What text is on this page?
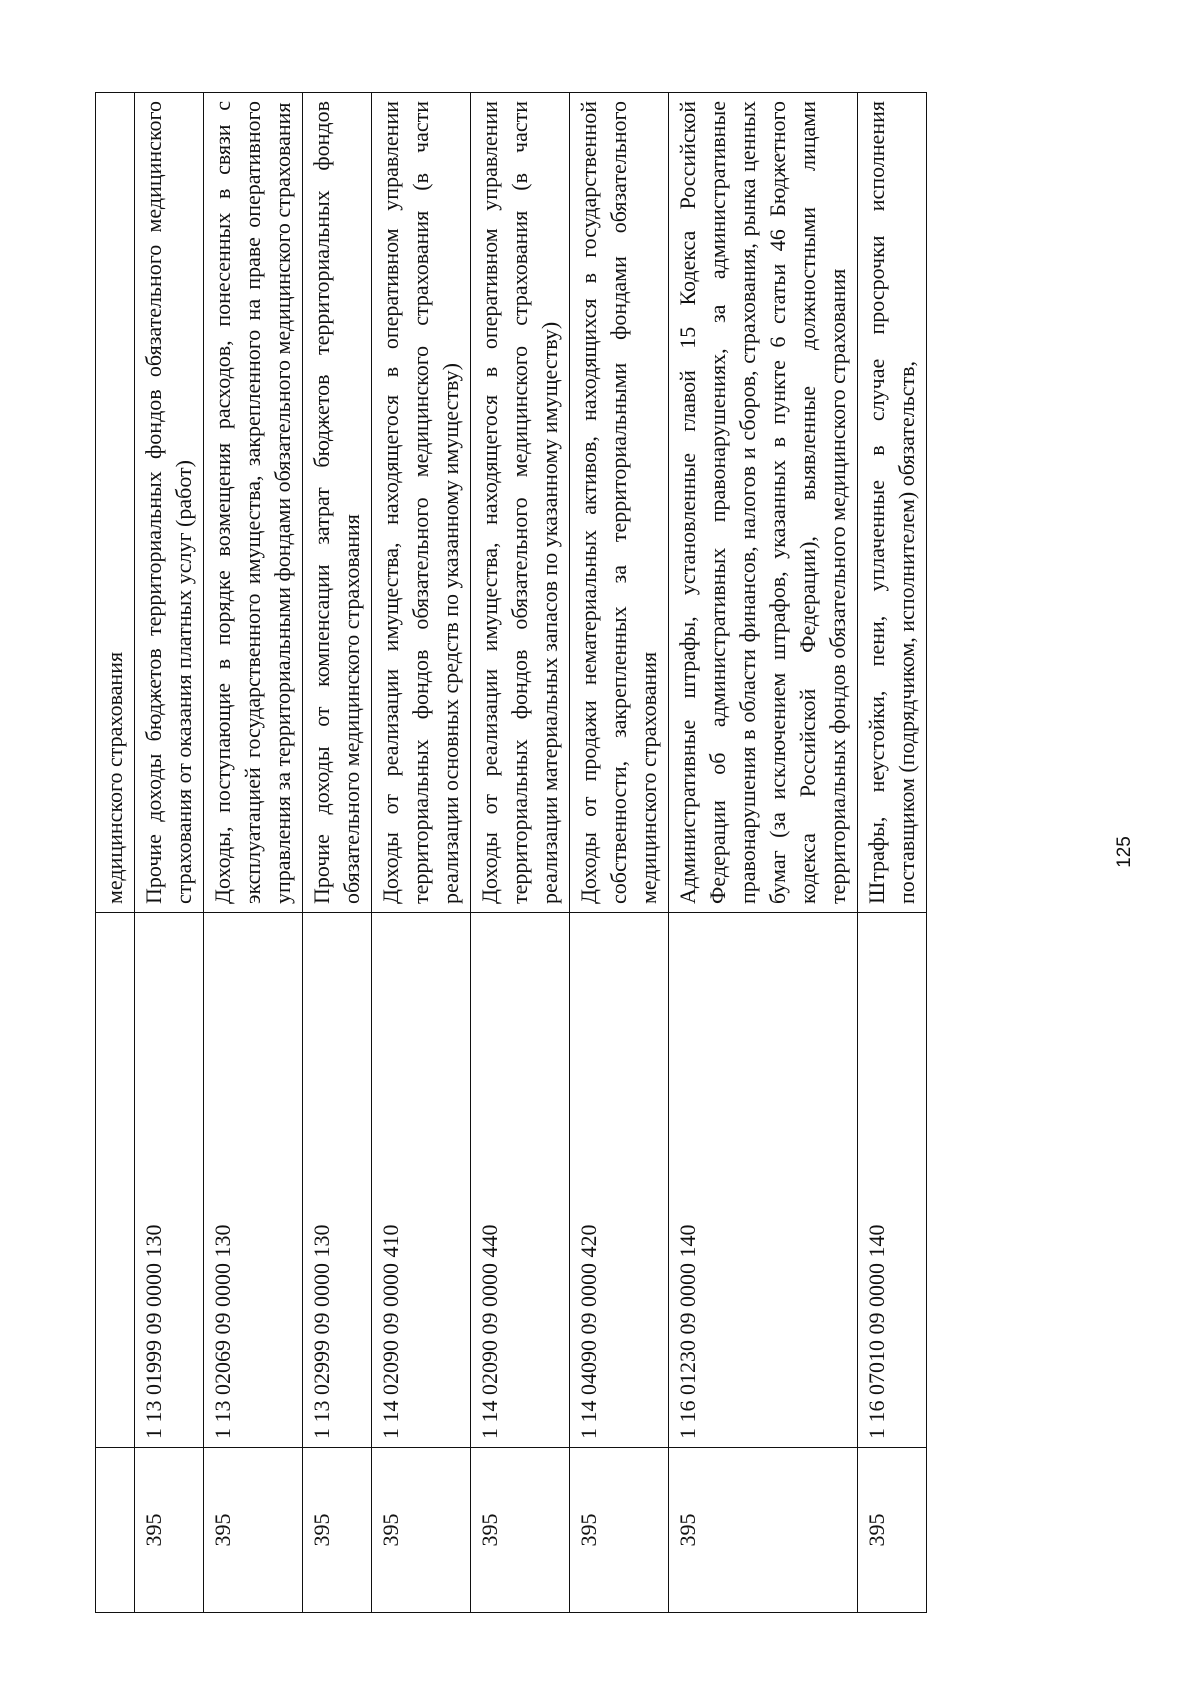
		медицинского страхования
395	1 13 01999 09 0000 130	Прочие доходы бюджетов территориальных фондов обязательного медицинского страхования от оказания платных услуг (работ)
395	1 13 02069 09 0000 130	Доходы, поступающие в порядке возмещения расходов, понесенных в связи с эксплуатацией государственного имущества, закрепленного на праве оперативного управления за территориальными фондами обязательного медицинского страхования
395	1 13 02999 09 0000 130	Прочие доходы от компенсации затрат бюджетов территориальных фондов обязательного медицинского страхования
395	1 14 02090 09 0000 410	Доходы от реализации имущества, находящегося в оперативном управлении территориальных фондов обязательного медицинского страхования (в части реализации основных средств по указанному имуществу)
395	1 14 02090 09 0000 440	Доходы от реализации имущества, находящегося в оперативном управлении территориальных фондов обязательного медицинского страхования (в части реализации материальных запасов по указанному имуществу)
395	1 14 04090 09 0000 420	Доходы от продажи нематериальных активов, находящихся в государственной собственности, закрепленных за территориальными фондами обязательного медицинского страхования
395	1 16 01230 09 0000 140	Административные штрафы, установленные главой 15 Кодекса Российской Федерации об административных правонарушениях, за административные правонарушения в области финансов, налогов и сборов, страхования, рынка ценных бумаг (за исключением штрафов, указанных в пункте 6 статьи 46 Бюджетного кодекса Российской Федерации), выявленные должностными лицами территориальных фондов обязательного медицинского страхования
395	1 16 07010 09 0000 140	Штрафы, неустойки, пени, уплаченные в случае просрочки исполнения поставщиком (подрядчиком, исполнителем) обязательств,	125
